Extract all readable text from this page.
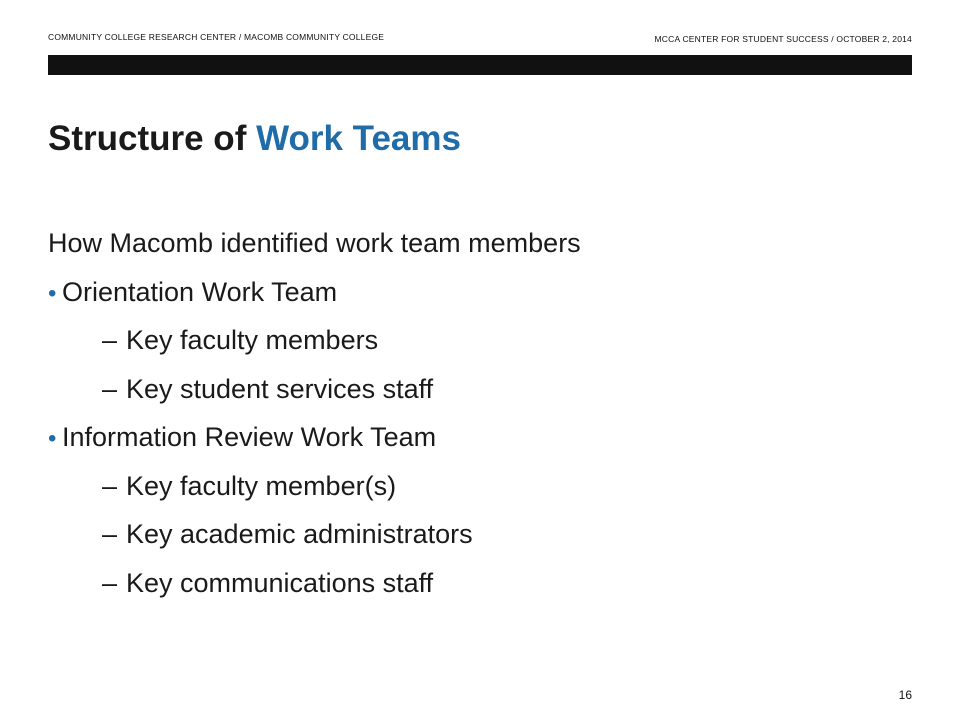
COMMUNITY COLLEGE RESEARCH CENTER / MACOMB COMMUNITY COLLEGE	MCCA CENTER FOR STUDENT SUCCESS / OCTOBER 2, 2014
Structure of Work Teams
How Macomb identified work team members
• Orientation Work Team
– Key faculty members
– Key student services staff
• Information Review Work Team
– Key faculty member(s)
– Key academic administrators
– Key communications staff
16
